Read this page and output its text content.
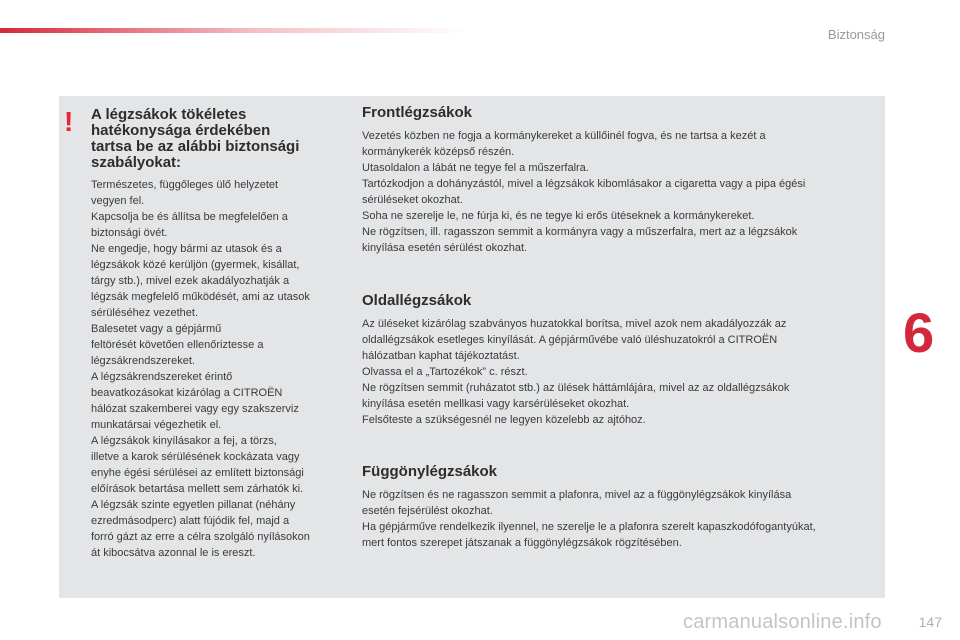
Biztonság
6
! A légzsákok tökéletes
hatékonysága érdekében
tartsa be az alábbi biztonsági
szabályokat:
Természetes, függőleges ülő helyzetet
vegyen fel.
Kapcsolja be és állítsa be megfelelően a
biztonsági övét.
Ne engedje, hogy bármi az utasok és a
légzsákok közé kerüljön (gyermek, kisállat,
tárgy stb.), mivel ezek akadályozhatják a
légzsák megfelelő működését, ami az utasok
sérüléséhez vezethet.
Balesetet vagy a gépjármű
feltörését követően ellenőriztesse a
légzsákrendszereket.
A légzsákrendszereket érintő
beavatkozásokat kizárólag a CITROËN
hálózat szakemberei vagy egy szakszerviz
munkatársai végezhetik el.
A légzsákok kinyílásakor a fej, a törzs,
illetve a karok sérülésének kockázata vagy
enyhe égési sérülései az említett biztonsági
előírások betartása mellett sem zárhatók ki.
A légzsák szinte egyetlen pillanat (néhány
ezredmásodperc) alatt fújódik fel, majd a
forró gázt az erre a célra szolgáló nyílásokon
át kibocsátva azonnal le is ereszt.
Frontlégzsákok
Vezetés közben ne fogja a kormánykereket a küllőinél fogva, és ne tartsa a kezét a
kormánykerék középső részén.
Utasoldalon a lábát ne tegye fel a műszerfalra.
Tartózkodjon a dohányzástól, mivel a légzsákok kibomlásakor a cigaretta vagy a pipa égési
sérüléseket okozhat.
Soha ne szerelje le, ne fúrja ki, és ne tegye ki erős ütéseknek a kormánykereket.
Ne rögzítsen, ill. ragasszon semmit a kormányra vagy a műszerfalra, mert az a légzsákok
kinyílása esetén sérülést okozhat.
Oldallégzsákok
Az üléseket kizárólag szabványos huzatokkal borítsa, mivel azok nem akadályozzák az
oldallégzsákok esetleges kinyílását. A gépjárművébe való üléshuzatokról a CITROËN
hálózatban kaphat tájékoztatást.
Olvassa el a „Tartozékok” c. részt.
Ne rögzítsen semmit (ruházatot stb.) az ülések háttámlájára, mivel az az oldallégzsákok
kinyílása esetén mellkasi vagy karsérüléseket okozhat.
Felsőteste a szükségesnél ne legyen közelebb az ajtóhoz.
Függönylégzsákok
Ne rögzítsen és ne ragasszon semmit a plafonra, mivel az a függönylégzsákok kinyílása
esetén fejsérülést okozhat.
Ha gépjárműve rendelkezik ilyennel, ne szerelje le a plafonra szerelt kapaszkodófogantyúkat,
mert fontos szerepet játszanak a függönylégzsákok rögzítésében.
carmanualsonline.info	147
